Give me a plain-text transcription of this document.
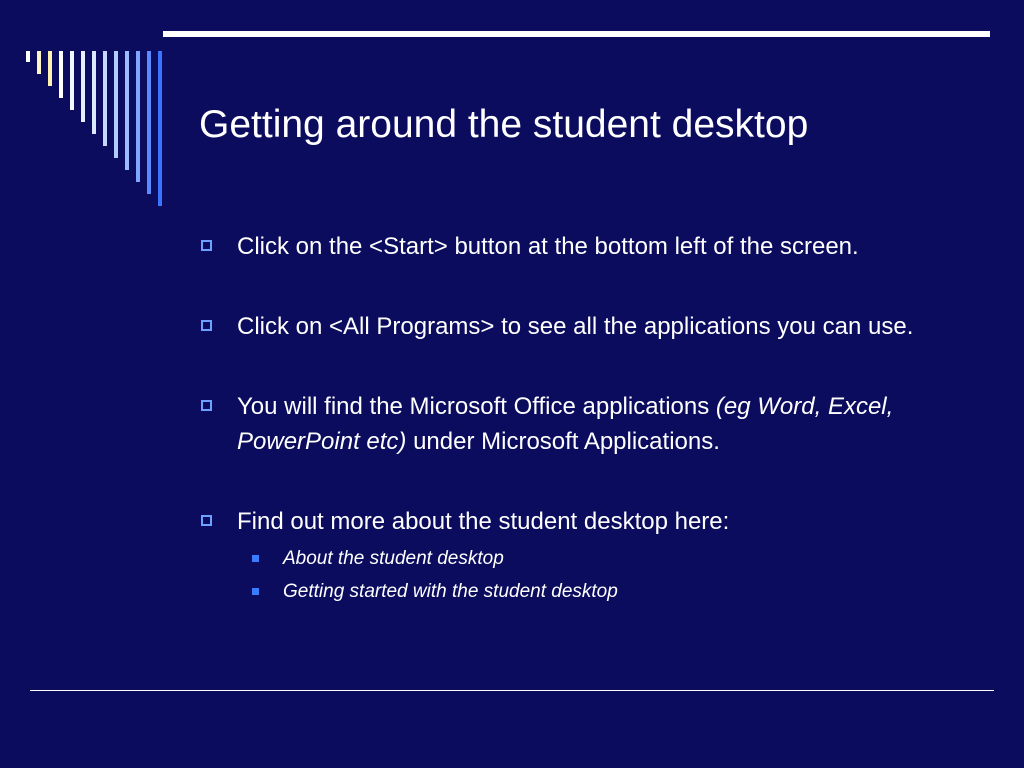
Getting around the student desktop
Click on the <Start> button at the bottom left of the screen.
Click on <All Programs> to see all the applications you can use.
You will find the Microsoft Office applications (eg Word, Excel, PowerPoint etc) under Microsoft Applications.
Find out more about the student desktop here:
About the student desktop
Getting started with the student desktop
